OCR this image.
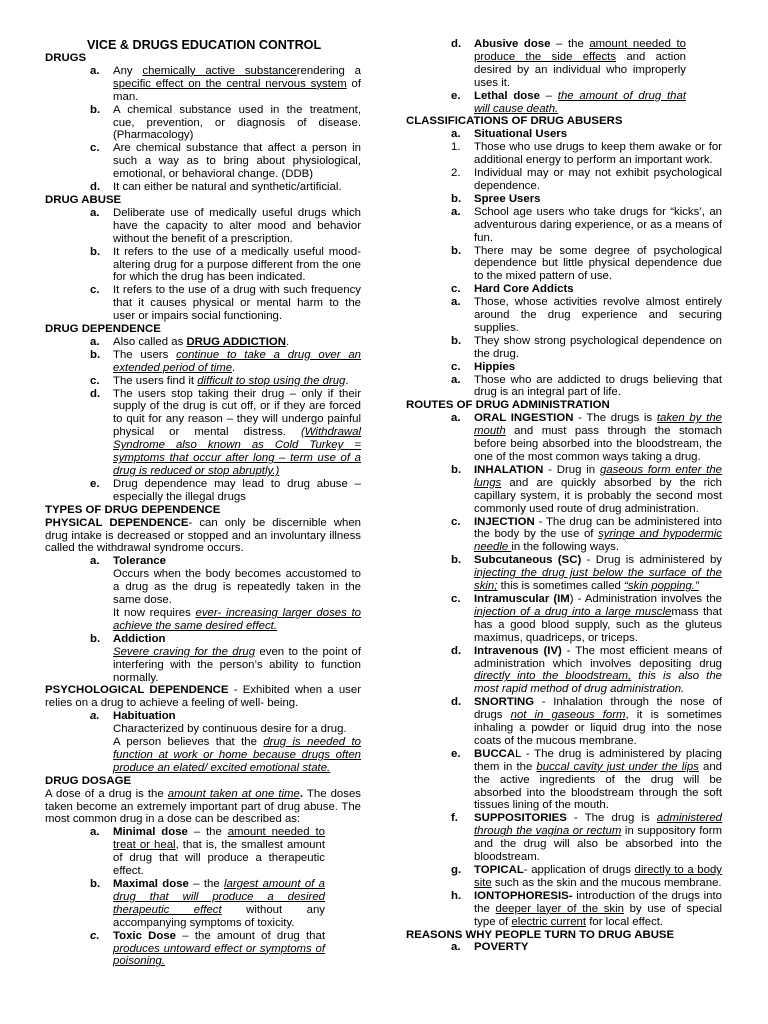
VICE & DRUGS EDUCATION CONTROL
DRUGS
a.	Any chemically active substancerendering a specific effect on the central nervous system of man.
b.	A chemical substance used in the treatment, cue, prevention, or diagnosis of disease. (Pharmacology)
c.	Are chemical substance that affect a person in such a way as to bring about physiological, emotional, or behavioral change. (DDB)
d.	It can either be natural and synthetic/artificial.
DRUG ABUSE
a.	Deliberate use of medically useful drugs which have the capacity to alter mood and behavior without the benefit of a prescription.
b.	It refers to the use of a medically useful mood-altering drug for a purpose different from the one for which the drug has been indicated.
c.	It refers to the use of a drug with such frequency that it causes physical or mental harm to the user or impairs social functioning.
DRUG DEPENDENCE
a.	Also called as DRUG ADDICTION.
b.	The users continue to take a drug over an extended period of time.
c.	The users find it difficult to stop using the drug.
d.	The users stop taking their drug – only if their supply of the drug is cut off, or if they are forced to quit for any reason – they will undergo painful physical or mental distress. (Withdrawal Syndrome also known as Cold Turkey = symptoms that occur after long – term use of a drug is reduced or stop abruptly.)
e.	Drug dependence may lead to drug abuse – especially the illegal drugs
TYPES OF DRUG DEPENDENCE
PHYSICAL DEPENDENCE- can only be discernible when drug intake is decreased or stopped and an involuntary illness called the withdrawal syndrome occurs.
a.	Tolerance
Occurs when the body becomes accustomed to a drug as the drug is repeatedly taken in the same dose.
It now requires ever- increasing larger doses to achieve the same desired effect.
b.	Addiction
Severe craving for the drug even to the point of interfering with the person’s ability to function normally.
PSYCHOLOGICAL DEPENDENCE - Exhibited when a user relies on a drug to achieve a feeling of well- being.
a.	Habituation
Characterized by continuous desire for a drug.
A person believes that the drug is needed to function at work or home because drugs often produce an elated/ excited emotional state.
DRUG DOSAGE
A dose of a drug is the amount taken at one time. The doses taken become an extremely important part of drug abuse. The most common drug in a dose can be described as:
a.	Minimal dose – the amount needed to treat or heal, that is, the smallest amount of drug that will produce a therapeutic effect.
b.	Maximal dose – the largest amount of a drug that will produce a desired therapeutic effect without any accompanying symptoms of toxicity.
c.	Toxic Dose – the amount of drug that produces untoward effect or symptoms of poisoning.
d.	Abusive dose – the amount needed to produce the side effects and action desired by an individual who improperly uses it.
e.	Lethal dose – the amount of drug that will cause death.
CLASSIFICATIONS OF DRUG ABUSERS
a.	Situational Users
1.	Those who use drugs to keep them awake or for additional energy to perform an important work.
2.	Individual may or may not exhibit psychological dependence.
b.	Spree Users
a.	School age users who take drugs for “kicks’, an adventurous daring experience, or as a means of fun.
b.	There may be some degree of psychological dependence but little physical dependence due to the mixed pattern of use.
c.	Hard Core Addicts
a.	Those, whose activities revolve almost entirely around the drug experience and securing supplies.
b.	They show strong psychological dependence on the drug.
c.	Hippies
a.	Those who are addicted to drugs believing that drug is an integral part of life.
ROUTES OF DRUG ADMINISTRATION
a.	ORAL INGESTION - The drugs is taken by the mouth and must pass through the stomach before being absorbed into the bloodstream, the one of the most common ways taking a drug.
b.	INHALATION - Drug in gaseous form enter the lungs and are quickly absorbed by the rich capillary system, it is probably the second most commonly used route of drug administration.
c.	INJECTION - The drug can be administered into the body by the use of syringe and hypodermic needle in the following ways.
b.	Subcutaneous (SC) - Drug is administered by injecting the drug just below the surface of the skin; this is sometimes called “skin popping.”
c.	Intramuscular (IM) - Administration involves the injection of a drug into a large musclemass that has a good blood supply, such as the gluteus maximus, quadriceps, or triceps.
d.	Intravenous (IV) - The most efficient means of administration which involves depositing drug directly into the bloodstream, this is also the most rapid method of drug administration.
d.	SNORTING - Inhalation through the nose of drugs not in gaseous form, it is sometimes inhaling a powder or liquid drug into the nose coats of the mucous membrane.
e.	BUCCAL - The drug is administered by placing them in the buccal cavity just under the lips and the active ingredients of the drug will be absorbed into the bloodstream through the soft tissues lining of the mouth.
f.	SUPPOSITORIES - The drug is administered through the vagina or rectum in suppository form and the drug will also be absorbed into the bloodstream.
g.	TOPICAL- application of drugs directly to a body site such as the skin and the mucous membrane.
h.	IONTOPHORESIS- introduction of the drugs into the deeper layer of the skin by use of special type of electric current for local effect.
REASONS WHY PEOPLE TURN TO DRUG ABUSE
a.	POVERTY
